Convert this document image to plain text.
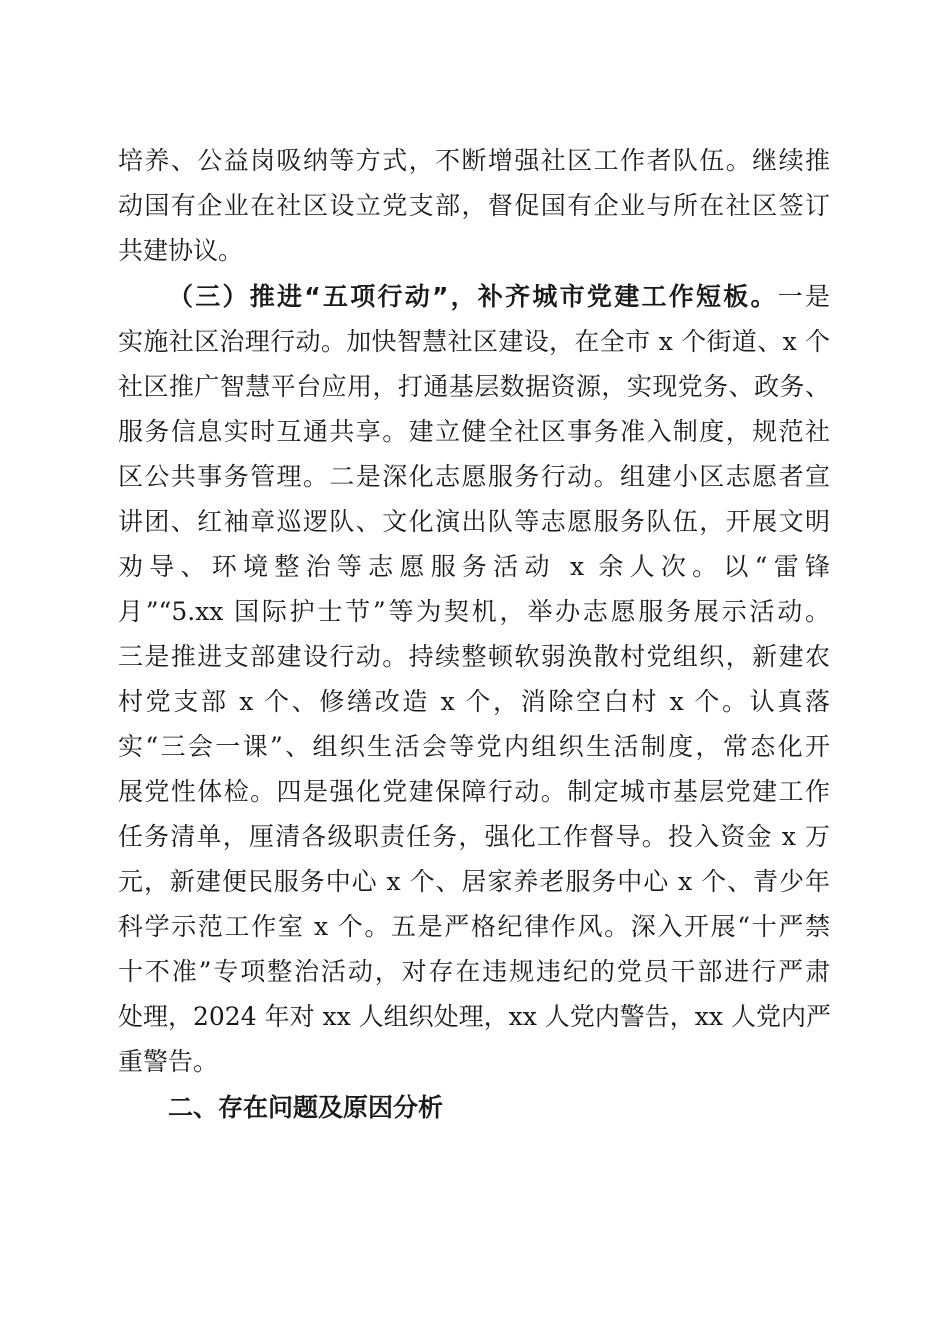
培养、公益岗吸纳等方式，不断增强社区工作者队伍。继续推
动国有企业在社区设立党支部，督促国有企业与所在社区签订
共建协议。
（三）推进“五项行动”，补齐城市党建工作短板。一是
实施社区治理行动。加快智慧社区建设，在全市 x 个街道、x 个
社区推广智慧平台应用，打通基层数据资源，实现党务、政务、
服务信息实时互通共享。建立健全社区事务准入制度，规范社
区公共事务管理。二是深化志愿服务行动。组建小区志愿者宣
讲团、红袖章巡逻队、文化演出队等志愿服务队伍，开展文明
劝导、环境整治等志愿服务活动 x 余人次。以“雷锋
月”“5.xx 国际护士节”等为契机，举办志愿服务展示活动。
三是推进支部建设行动。持续整顿软弱涣散村党组织，新建农
村党支部 x 个、修缮改造 x 个，消除空白村 x 个。认真落
实“三会一课”、组织生活会等党内组织生活制度，常态化开
展党性体检。四是强化党建保障行动。制定城市基层党建工作
任务清单，厘清各级职责任务，强化工作督导。投入资金 x 万
元，新建便民服务中心 x 个、居家养老服务中心 x 个、青少年
科学示范工作室 x 个。五是严格纪律作风。深入开展“十严禁
十不准”专项整治活动，对存在违规违纪的党员干部进行严肃
处理，2024 年对 xx 人组织处理，xx 人党内警告，xx 人党内严
重警告。
二、存在问题及原因分析
